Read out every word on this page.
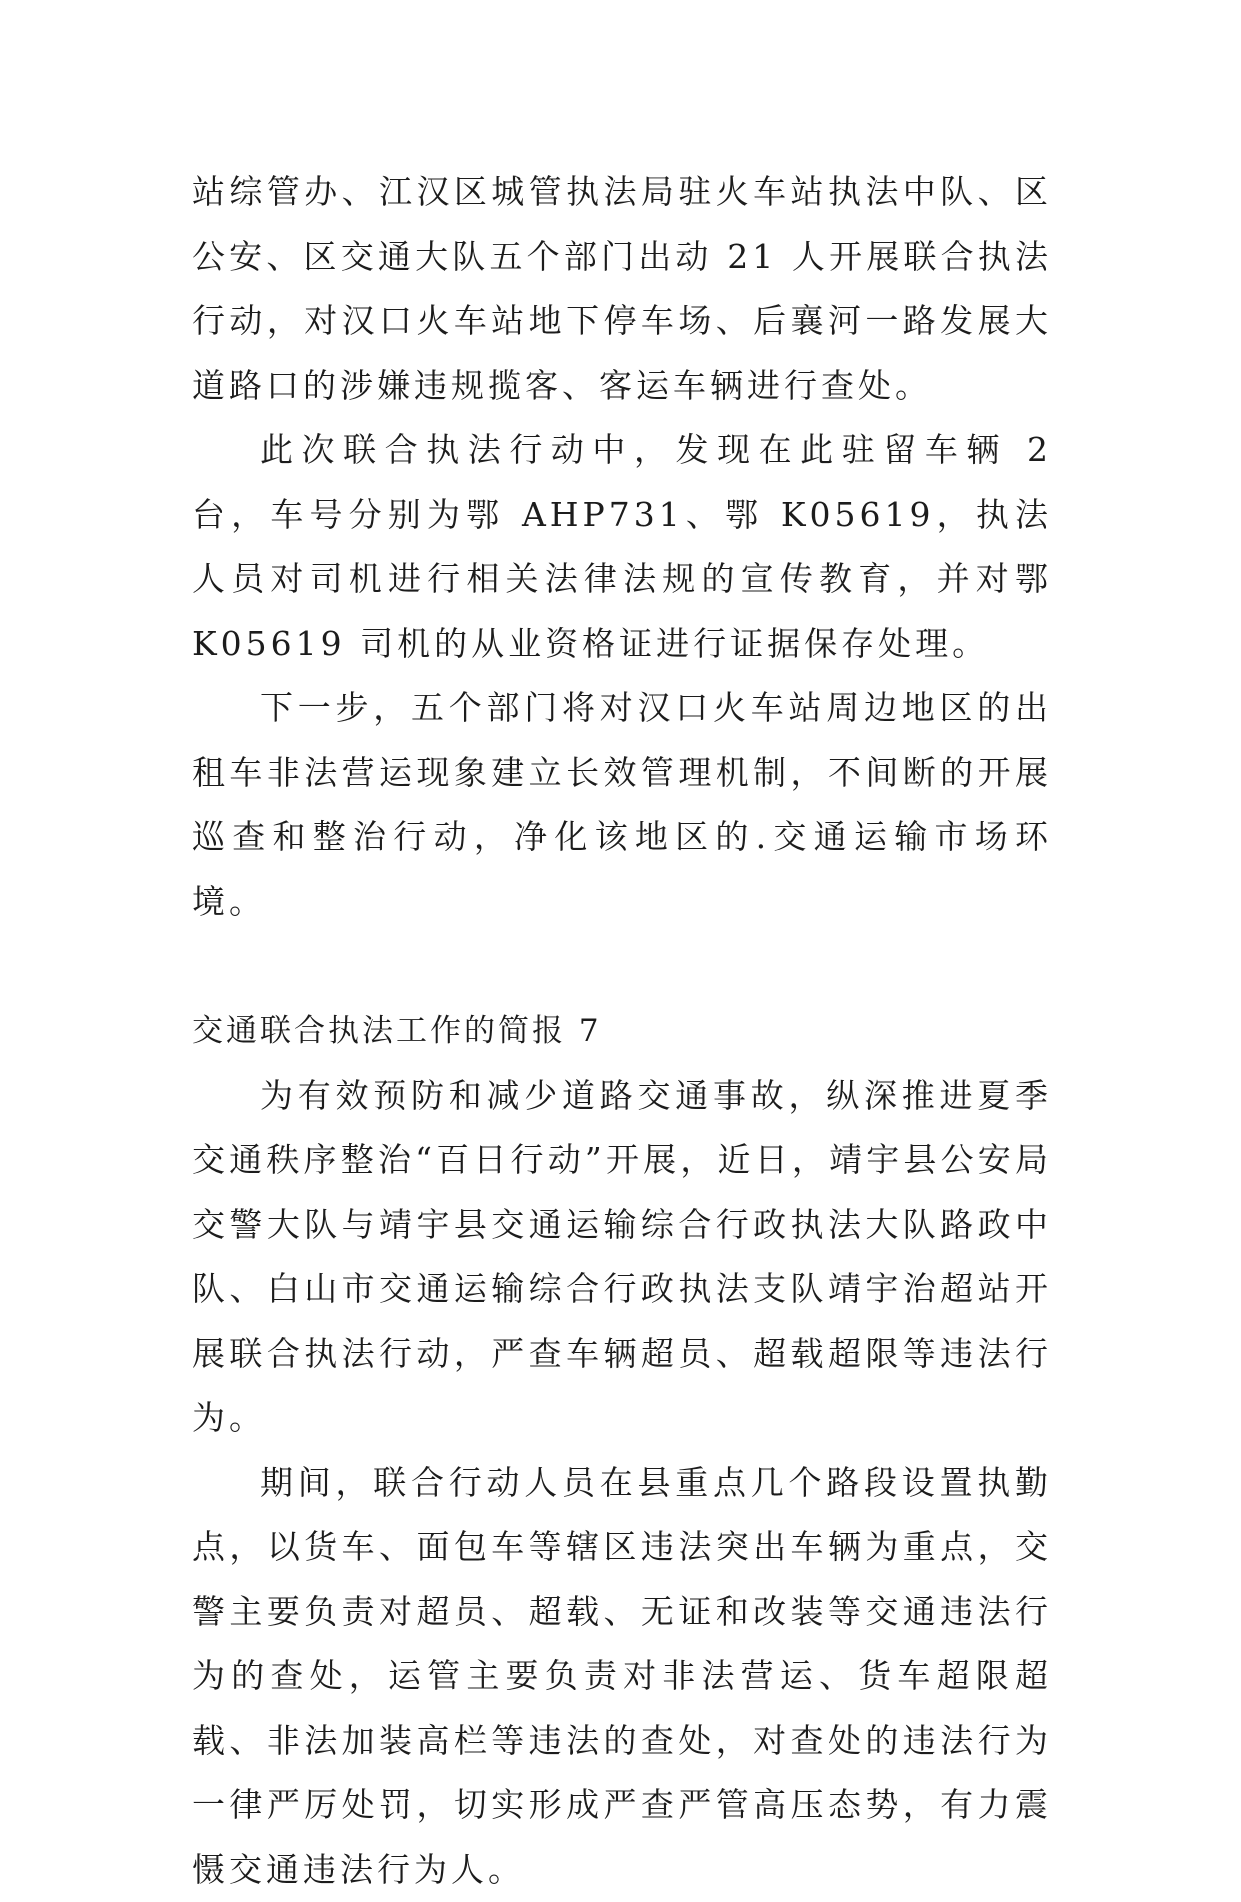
站综管办、江汉区城管执法局驻火车站执法中队、区公安、区交通大队五个部门出动 21 人开展联合执法行动，对汉口火车站地下停车场、后襄河一路发展大道路口的涉嫌违规揽客、客运车辆进行查处。

此次联合执法行动中，发现在此驻留车辆 2 台，车号分别为鄂 AHP731、鄂 K05619，执法人员对司机进行相关法律法规的宣传教育，并对鄂 K05619 司机的从业资格证进行证据保存处理。

下一步，五个部门将对汉口火车站周边地区的出租车非法营运现象建立长效管理机制，不间断的开展巡查和整治行动，净化该地区的.交通运输市场环境。

交通联合执法工作的简报 7

为有效预防和减少道路交通事故，纵深推进夏季交通秩序整治“百日行动”开展，近日，靖宇县公安局交警大队与靖宇县交通运输综合行政执法大队路政中队、白山市交通运输综合行政执法支队靖宇治超站开展联合执法行动，严查车辆超员、超载超限等违法行为。

期间，联合行动人员在县重点几个路段设置执勤点，以货车、面包车等辖区违法突出车辆为重点，交警主要负责对超员、超载、无证和改装等交通违法行为的查处，运管主要负责对非法营运、货车超限超载、非法加装高栏等违法的查处，对查处的违法行为一律严厉处罚，切实形成严查严管高压态势，有力震慑交通违法行为人。
